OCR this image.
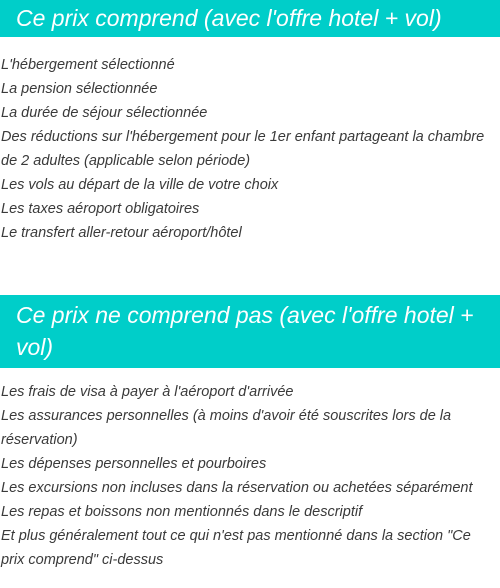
Ce prix comprend (avec l'offre hotel + vol)
L'hébergement sélectionné
La pension sélectionnée
La durée de séjour sélectionnée
Des réductions sur l'hébergement pour le 1er enfant partageant la chambre de 2 adultes (applicable selon période)
Les vols au départ de la ville de votre choix
Les taxes aéroport obligatoires
Le transfert aller-retour aéroport/hôtel
Ce prix ne comprend pas (avec l'offre hotel + vol)
Les frais de visa à payer à l'aéroport d'arrivée
Les assurances personnelles (à moins d'avoir été souscrites lors de la réservation)
Les dépenses personnelles et pourboires
Les excursions non incluses dans la réservation ou achetées séparément
Les repas et boissons non mentionnés dans le descriptif
Et plus généralement tout ce qui n'est pas mentionné dans la section "Ce prix comprend" ci-dessus
